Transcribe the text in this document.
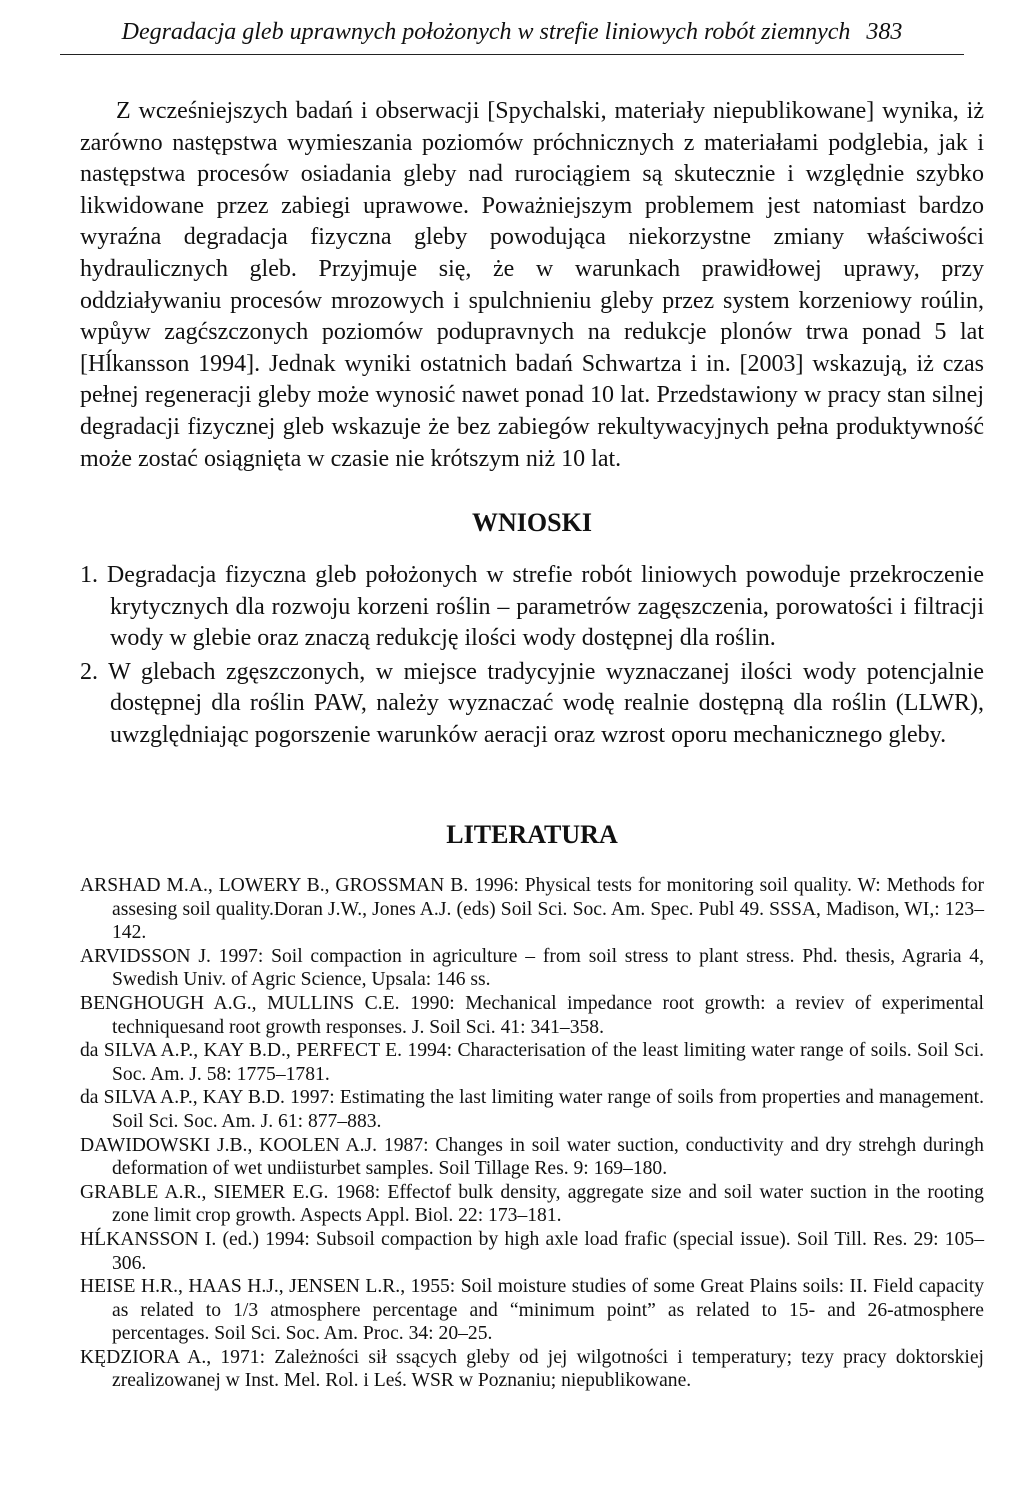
Degradacja gleb uprawnych położonych w strefie liniowych robót ziemnych 383

Z wcześniejszych badań i obserwacji [Spychalski, materiały niepublikowane] wynika, iż zarówno następstwa wymieszania poziomów próchnicznych z materiałami podglebia, jak i następstwa procesów osiadania gleby nad rurociągiem są skutecznie i względnie szybko likwidowane przez zabiegi uprawowe. Poważniejszym problemem jest natomiast bardzo wyraźna degradacja fizyczna gleby powodująca niekorzystne zmiany właściwości hydraulicznych gleb. Przyjmuje się, że w warunkach prawidłowej uprawy, przy oddziaływaniu procesów mrozowych i spulchnieniu gleby przez system korzeniowy roúlin, wpůyw zagćszczonych poziomów podupravnych na redukcje plonów trwa ponad 5 lat [Hĺkansson 1994]. Jednak wyniki ostatnich badań Schwartza i in. [2003] wskazują, iż czas pełnej regeneracji gleby może wynosić nawet ponad 10 lat. Przedstawiony w pracy stan silnej degradacji fizycznej gleb wskazuje że bez zabiegów rekultywacyjnych pełna produktywność może zostać osiągnięta w czasie nie krótszym niż 10 lat.

WNIOSKI
1. Degradacja fizyczna gleb położonych w strefie robót liniowych powoduje przekroczenie krytycznych dla rozwoju korzeni roślin – parametrów zagęszczenia, porowatości i filtracji wody w glebie oraz znaczą redukcję ilości wody dostępnej dla roślin.
2. W glebach zgęszczonych, w miejsce tradycyjnie wyznaczanej ilości wody potencjalnie dostępnej dla roślin PAW, należy wyznaczać wodę realnie dostępną dla roślin (LLWR), uwzględniając pogorszenie warunków aeracji oraz wzrost oporu mechanicznego gleby.
LITERATURA
ARSHAD M.A., LOWERY B., GROSSMAN B. 1996: Physical tests for monitoring soil quality. W: Methods for assesing soil quality.Doran J.W., Jones A.J. (eds) Soil Sci. Soc. Am. Spec. Publ 49. SSSA, Madison, WI,: 123–142.
ARVIDSSON J. 1997: Soil compaction in agriculture – from soil stress to plant stress. Phd. thesis, Agraria 4, Swedish Univ. of Agric Science, Upsala: 146 ss.
BENGHOUGH A.G., MULLINS C.E. 1990: Mechanical impedance root growth: a reviev of experimental techniquesand root growth responses. J. Soil Sci. 41: 341–358.
da SILVA A.P., KAY B.D., PERFECT E. 1994: Characterisation of the least limiting water range of soils. Soil Sci. Soc. Am. J. 58: 1775–1781.
da SILVA A.P., KAY B.D. 1997: Estimating the last limiting water range of soils from properties and management. Soil Sci. Soc. Am. J. 61: 877–883.
DAWIDOWSKI J.B., KOOLEN A.J. 1987: Changes in soil water suction, conductivity and dry strehgh duringh deformation of wet undiisturbet samples. Soil Tillage Res. 9: 169–180.
GRABLE A.R., SIEMER E.G. 1968: Effectof bulk density, aggregate size and soil water suction in the rooting zone limit crop growth. Aspects Appl. Biol. 22: 173–181.
HĹKANSSON I. (ed.) 1994: Subsoil compaction by high axle load frafic (special issue). Soil Till. Res. 29: 105–306.
HEISE H.R., HAAS H.J., JENSEN L.R., 1955: Soil moisture studies of some Great Plains soils: II. Field capacity as related to 1/3 atmosphere percentage and “minimum point” as related to 15- and 26-atmosphere percentages. Soil Sci. Soc. Am. Proc. 34: 20–25.
KĘDZIORA A., 1971: Zależności sił ssących gleby od jej wilgotności i temperatury; tezy pracy doktorskiej zrealizowanej w Inst. Mel. Rol. i Leś. WSR w Poznaniu; niepublikowane.
